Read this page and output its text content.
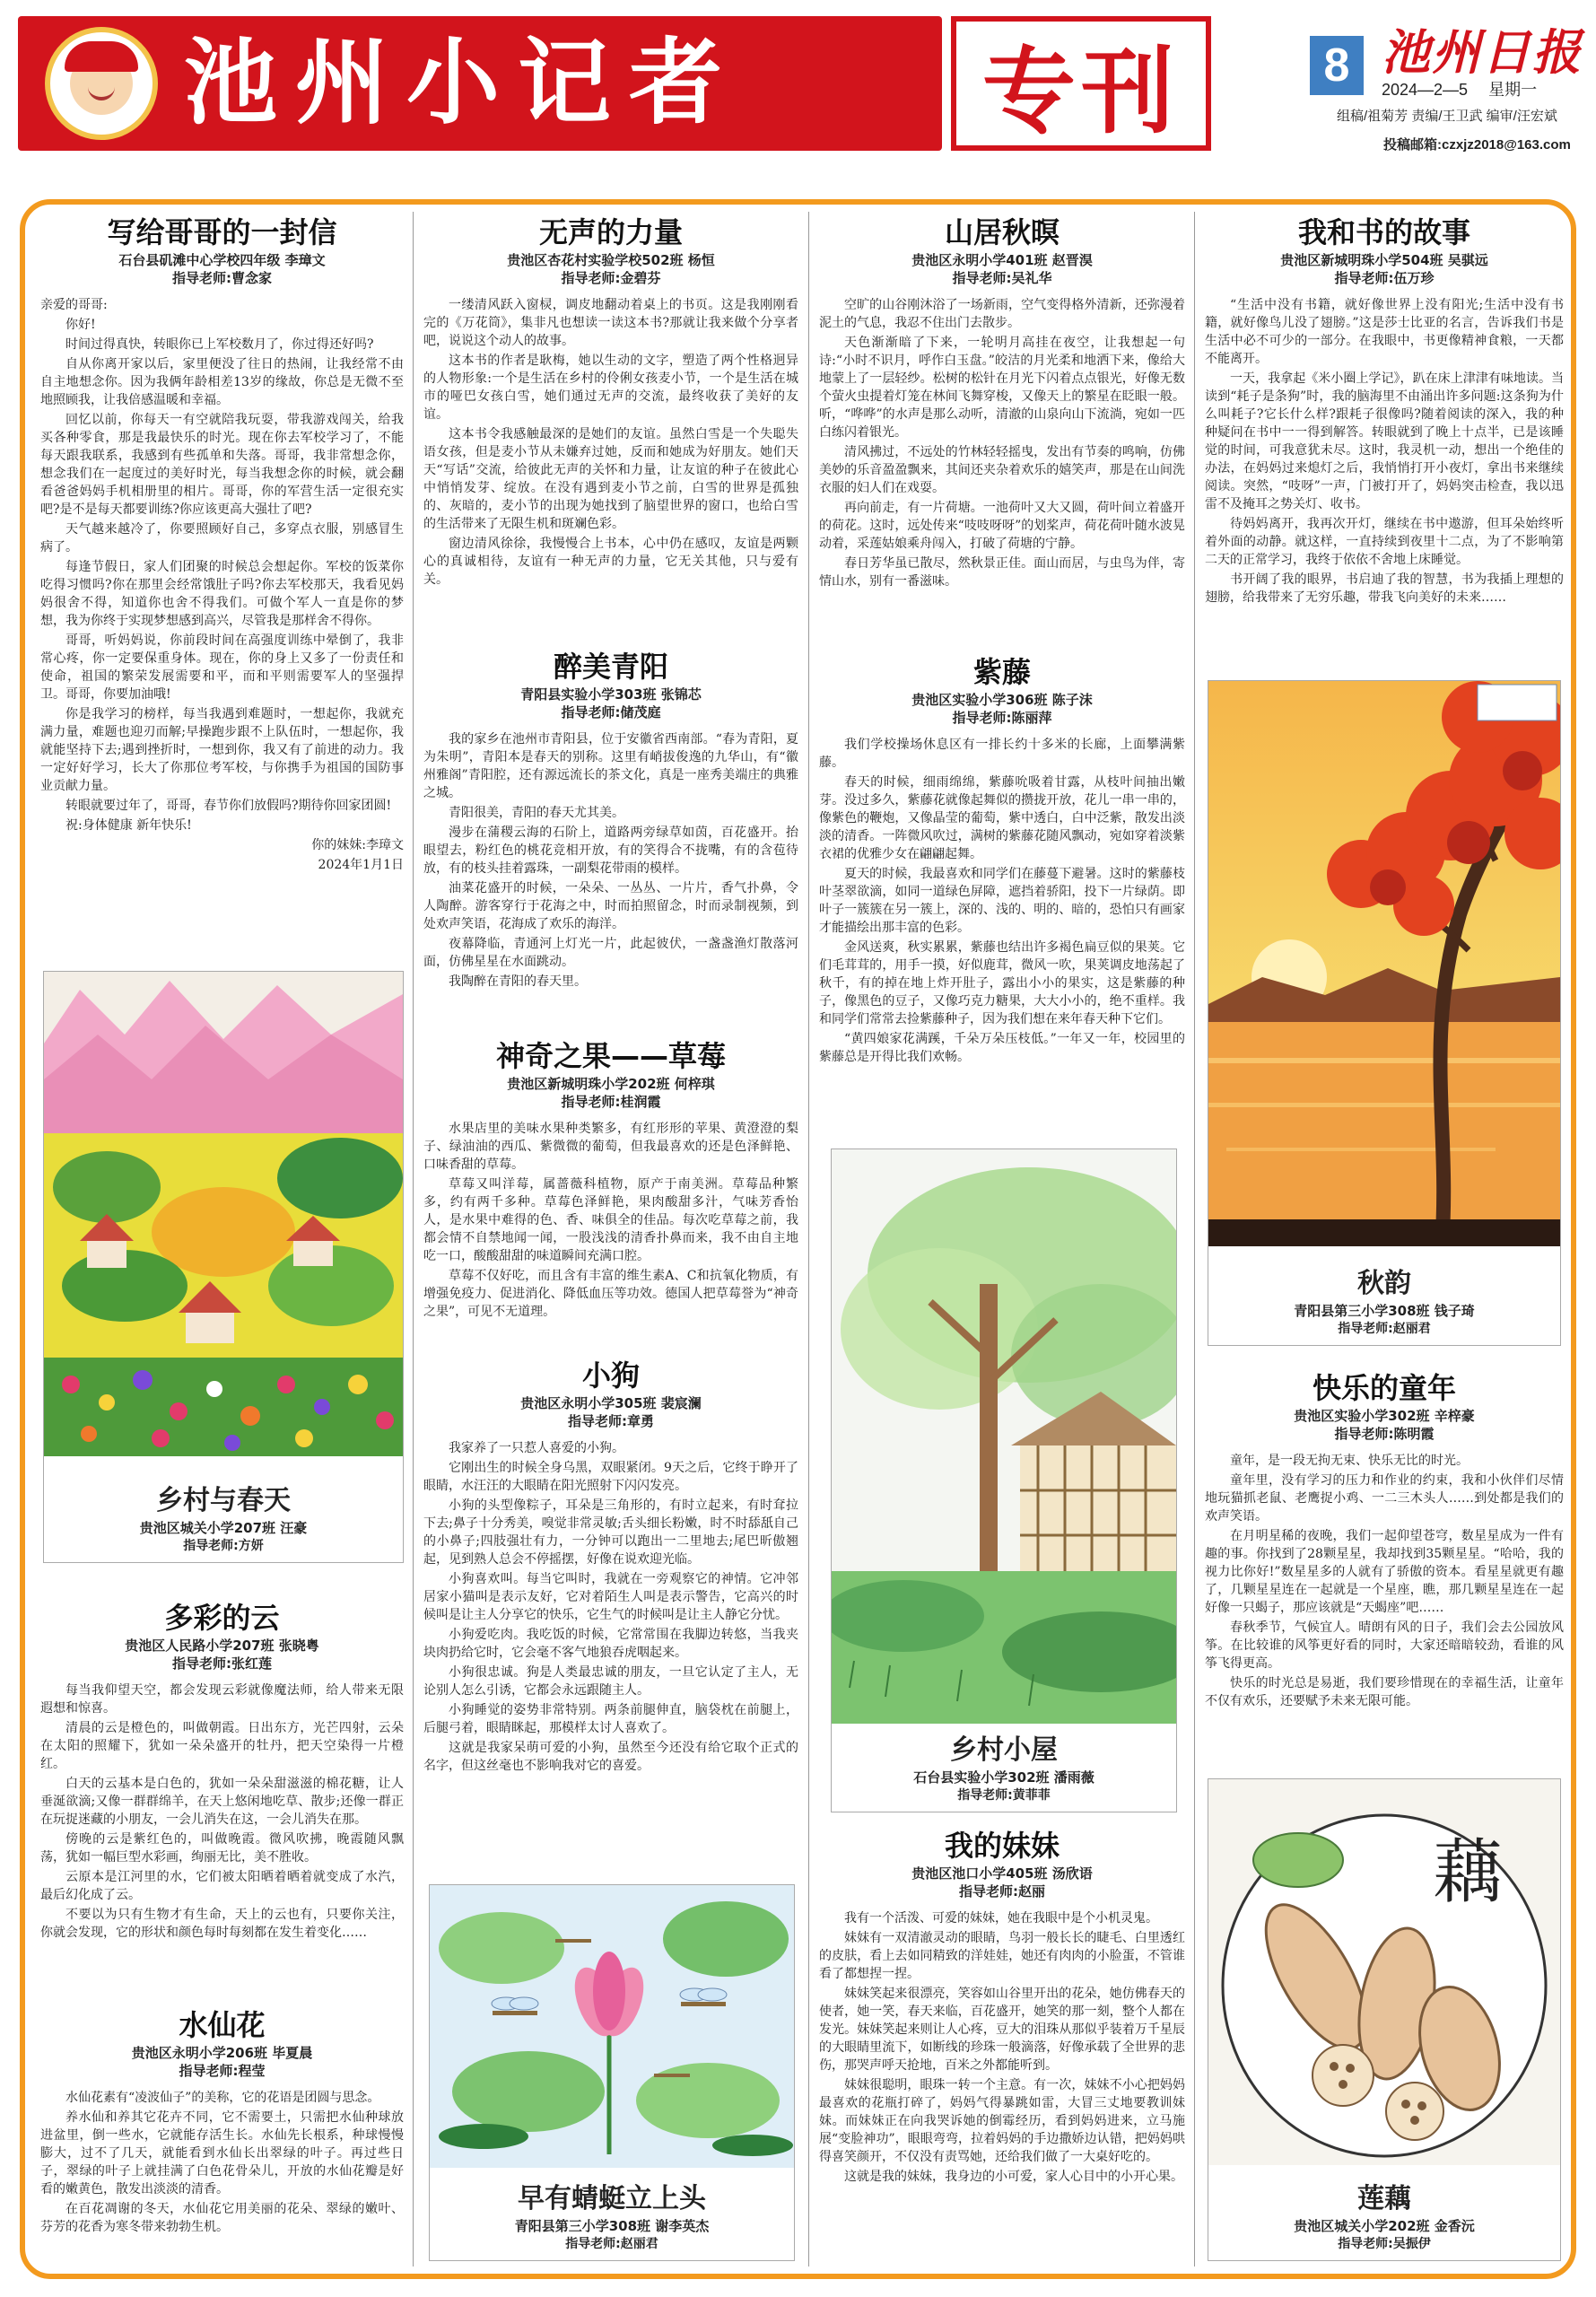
池州小记者	专刊	8 池州日报
2024—2—5 星期一
组稿/祖菊芳 责编/王卫武 编审/汪宏斌
投稿邮箱:czxjz2018@163.com
写给哥哥的一封信
石台县矶滩中心学校四年级 李璋文
指导老师:曹念家

亲爱的哥哥:

你好!

时间过得真快，转眼你已上军校数月了，你过得还好吗?

自从你离开家以后，家里便没了往日的热闹，让我经常不由自主地想念你。因为我俩年龄相差13岁的缘故，你总是无微不至地照顾我，让我倍感温暖和幸福。

回忆以前，你每天一有空就陪我玩耍，带我游戏闯关，给我买各种零食，那是我最快乐的时光。现在你去军校学习了，不能每天跟我联系，我感到有些孤单和失落。哥哥，我非常想念你，想念我们在一起度过的美好时光，每当我想念你的时候，就会翻看爸爸妈妈手机相册里的相片。哥哥，你的军营生活一定很充实吧?是不是每天都要训练?你应该更高大强壮了吧?

天气越来越冷了，你要照顾好自己，多穿点衣服，别感冒生病了。

每逢节假日，家人们团聚的时候总会想起你。军校的饭菜你吃得习惯吗?你在那里会经常饿肚子吗?你去军校那天，我看见妈妈很舍不得，知道你也舍不得我们。可做个军人一直是你的梦想，我为你终于实现梦想感到高兴，尽管我是那样舍不得你。

哥哥，听妈妈说，你前段时间在高强度训练中晕倒了，我非常心疼，你一定要保重身体。现在，你的身上又多了一份责任和使命，祖国的繁荣发展需要和平，而和平则需要军人的坚强捍卫。哥哥，你要加油哦!

你是我学习的榜样，每当我遇到难题时，一想起你，我就充满力量，难题也迎刃而解;早操跑步跟不上队伍时，一想起你，我就能坚持下去;遇到挫折时，一想到你，我又有了前进的动力。我一定好好学习，长大了你那位考军校，与你携手为祖国的国防事业贡献力量。

转眼就要过年了，哥哥，春节你们放假吗?期待你回家团圆!

祝:身体健康 新年快乐!

你的妹妹:李璋文

2024年1月1日

乡村与春天
贵池区城关小学207班 汪豪
指导老师:方妍
多彩的云
贵池区人民路小学207班 张晓粤
指导老师:张红莲

每当我仰望天空，都会发现云彩就像魔法师，给人带来无限遐想和惊喜。

清晨的云是橙色的，叫做朝霞。日出东方，光芒四射，云朵在太阳的照耀下，犹如一朵朵盛开的牡丹，把天空染得一片橙红。

白天的云基本是白色的，犹如一朵朵甜滋滋的棉花糖，让人垂涎欲滴;又像一群群绵羊，在天上悠闲地吃草、散步;还像一群正在玩捉迷藏的小朋友，一会儿消失在这，一会儿消失在那。

傍晚的云是紫红色的，叫做晚霞。微风吹拂，晚霞随风飘荡，犹如一幅巨型水彩画，绚丽无比，美不胜收。

云原本是江河里的水，它们被太阳晒着晒着就变成了水汽，最后幻化成了云。

不要以为只有生物才有生命，天上的云也有，只要你关注，你就会发现，它的形状和颜色每时每刻都在发生着变化……

水仙花
贵池区永明小学206班 毕夏晨
指导老师:程莹

水仙花素有“凌波仙子”的美称，它的花语是团圆与思念。

养水仙和养其它花卉不同，它不需要土，只需把水仙种球放进盆里，倒一些水，它就能存活生长。水仙先长根系，种球慢慢膨大，过不了几天，就能看到水仙长出翠绿的叶子。再过些日子，翠绿的叶子上就挂满了白色花骨朵儿，开放的水仙花瓣是好看的嫩黄色，散发出淡淡的清香。

在百花凋谢的冬天，水仙花它用美丽的花朵、翠绿的嫩叶、芬芳的花香为寒冬带来勃勃生机。

无声的力量
贵池区杏花村实验学校502班 杨恒
指导老师:金碧芬

一缕清风跃入窗棂，调皮地翻动着桌上的书页。这是我刚刚看完的《万花筒》，集非凡也想读一读这本书?那就让我来做个分享者吧，说说这个动人的故事。

这本书的作者是耿梅，她以生动的文字，塑造了两个性格迥异的人物形象:一个是生活在乡村的伶俐女孩麦小节，一个是生活在城市的哑巴女孩白雪，她们通过无声的交流，最终收获了美好的友谊。

这本书令我感触最深的是她们的友谊。虽然白雪是一个失聪失语女孩，但是麦小节从未嫌弃过她，反而和她成为好朋友。她们天天“写话”交流，给彼此无声的关怀和力量，让友谊的种子在彼此心中悄悄发芽、绽放。在没有遇到麦小节之前，白雪的世界是孤独的、灰暗的，麦小节的出现为她找到了脑望世界的窗口，也给白雪的生活带来了无限生机和斑斓色彩。

窗边清风徐徐，我慢慢合上书本，心中仍在感叹，友谊是两颗心的真诚相待，友谊有一种无声的力量，它无关其他，只与爱有关。

醉美青阳
青阳县实验小学303班 张锦芯
指导老师:储茂庭

我的家乡在池州市青阳县，位于安徽省西南部。“春为青阳，夏为朱明”，青阳本是春天的别称。这里有峭拔俊逸的九华山，有“徽州雅阁”青阳腔，还有源远流长的茶文化，真是一座秀美端庄的典雅之城。

青阳很美，青阳的春天尤其美。

漫步在蒲稷云海的石阶上，道路两旁绿草如茵，百花盛开。抬眼望去，粉红色的桃花竞相开放，有的笑得合不拢嘴，有的含苞待放，有的枝头挂着露珠，一副梨花带雨的模样。

油菜花盛开的时候，一朵朵、一丛丛、一片片，香气扑鼻，令人陶醉。游客穿行于花海之中，时而拍照留念，时而录制视频，到处欢声笑语，花海成了欢乐的海洋。

夜幕降临，青通河上灯光一片，此起彼伏，一盏盏渔灯散落河面，仿佛星星在水面跳动。

我陶醉在青阳的春天里。

神奇之果——草莓
贵池区新城明珠小学202班 何梓琪
指导老师:桂润霞

水果店里的美味水果种类繁多，有红形形的苹果、黄澄澄的梨子、绿油油的西瓜、紫微微的葡萄，但我最喜欢的还是色泽鲜艳、口味香甜的草莓。

草莓又叫洋莓，属蔷薇科植物，原产于南美洲。草莓品种繁多，约有两千多种。草莓色泽鲜艳，果肉酸甜多汁，气味芳香怡人，是水果中难得的色、香、味俱全的佳品。每次吃草莓之前，我都会情不自禁地闻一闻，一股浅浅的清香扑鼻而来，我不由自主地吃一口，酸酸甜甜的味道瞬间充满口腔。

草莓不仅好吃，而且含有丰富的维生素A、C和抗氧化物质，有增强免疫力、促进消化、降低血压等功效。德国人把草莓誉为“神奇之果”，可见不无道理。

小狗
贵池区永明小学305班 裴宸澜
指导老师:章勇

我家养了一只惹人喜爱的小狗。

它刚出生的时候全身乌黑，双眼紧闭。9天之后，它终于睁开了眼睛，水汪汪的大眼睛在阳光照射下闪闪发亮。

小狗的头型像粽子，耳朵是三角形的，有时立起来，有时耷拉下去;鼻子十分秀美，嗅觉非常灵敏;舌头细长粉嫩，时不时舔舐自己的小鼻子;四肢强壮有力，一分钟可以跑出一二里地去;尾巴昕傲翘起，见到熟人总会不停摇摆，好像在说欢迎光临。

小狗喜欢叫。每当它叫时，我就在一旁观察它的神情。它冲邻居家小猫叫是表示友好，它对着陌生人叫是表示警告，它高兴的时候叫是让主人分享它的快乐，它生气的时候叫是让主人静它分忧。

小狗爱吃肉。我吃饭的时候，它常常围在我脚边转悠，当我夹块肉扔给它时，它会毫不客气地狼吞虎咽起来。

小狗很忠诚。狗是人类最忠诚的朋友，一旦它认定了主人，无论别人怎么引诱，它都会永远跟随主人。

小狗睡觉的姿势非常特别。两条前腿伸直，脑袋枕在前腿上，后腿弓着，眼睛眯起，那模样太讨人喜欢了。

这就是我家呆萌可爱的小狗，虽然至今还没有给它取个正式的名字，但这丝毫也不影响我对它的喜爱。

早有蜻蜓立上头
青阳县第三小学308班 谢李英杰
指导老师:赵丽君
山居秋暝
贵池区永明小学401班 赵晋淏
指导老师:吴礼华

空旷的山谷刚沐浴了一场新雨，空气变得格外清新，还弥漫着泥土的气息，我忍不住出门去散步。

天色渐渐暗了下来，一轮明月高挂在夜空，让我想起一句诗:“小时不识月，呼作白玉盘。”皎洁的月光柔和地洒下来，像给大地蒙上了一层轻纱。松树的松针在月光下闪着点点银光，好像无数个萤火虫提着灯笼在林间飞舞穿梭，又像天上的繁星在眨眼一般。听，“哗哗”的水声是那么动听，清澈的山泉向山下流淌，宛如一匹白练闪着银光。

清风拂过，不远处的竹林轻轻摇曳，发出有节奏的鸣响，仿佛美妙的乐音盈盈飘来，其间还夹杂着欢乐的嬉笑声，那是在山间洗衣服的妇人们在戏耍。

再向前走，有一片荷塘。一池荷叶又大又圆，荷叶间立着盛开的荷花。这时，远处传来“吱吱呀呀”的划桨声，荷花荷叶随水波晃动着，采莲姑娘乘舟闯入，打破了荷塘的宁静。

春日芳华虽已散尽，然秋景正佳。面山而居，与虫鸟为伴，寄情山水，别有一番滋味。

紫藤
贵池区实验小学306班 陈子沫
指导老师:陈丽萍

我们学校操场休息区有一排长约十多米的长廊，上面攀满紫藤。

春天的时候，细雨绵绵，紫藤吮吸着甘露，从枝叶间抽出嫩芽。没过多久，紫藤花就像起舞似的攒拢开放，花儿一串一串的，像紫色的鞭炮，又像晶莹的葡萄，紫中透白，白中泛紫，散发出淡淡的清香。一阵微风吹过，满树的紫藤花随风飘动，宛如穿着淡紫衣裙的优雅少女在翩翩起舞。

夏天的时候，我最喜欢和同学们在藤蔓下避暑。这时的紫藤枝叶茎翠欲滴，如同一道绿色屏障，遮挡着骄阳，投下一片绿荫。即叶子一簇簇在另一簇上，深的、浅的、明的、暗的，恐怕只有画家才能描绘出那丰富的色彩。

金风送爽，秋实累累，紫藤也结出许多褐色扁豆似的果荚。它们毛茸茸的，用手一摸，好似鹿茸，微风一吹，果荚调皮地荡起了秋千，有的掉在地上炸开肚子，露出小小的果实，这是紫藤的种子，像黑色的豆子，又像巧克力糖果，大大小小的，绝不重样。我和同学们常常去捡紫藤种子，因为我们想在来年春天种下它们。

“黄四娘家花满蹊，千朵万朵压枝低。”一年又一年，校园里的紫藤总是开得比我们欢畅。

乡村小屋
石台县实验小学302班 潘雨薇
指导老师:黄菲菲
我的妹妹
贵池区池口小学405班 汤欣语
指导老师:赵丽

我有一个活泼、可爱的妹妹，她在我眼中是个小机灵鬼。

妹妹有一双清澈灵动的眼睛，鸟羽一般长长的睫毛、白里透红的皮肤，看上去如同精致的洋娃娃，她还有肉肉的小脸蛋，不管谁看了都想捏一捏。

妹妹笑起来很漂亮，笑容如山谷里开出的花朵，她仿佛春天的使者，她一笑，春天来临，百花盛开，她笑的那一刻，整个人都在发光。妹妹笑起来则让人心疼，豆大的泪珠从那似乎装着万千星辰的大眼睛里流下，如断线的珍珠一般滴落，好像承载了全世界的悲伤，那哭声呼天抢地，百米之外都能听到。

妹妹很聪明，眼珠一转一个主意。有一次，妹妹不小心把妈妈最喜欢的花瓶打碎了，妈妈气得暴跳如雷，大冒三丈地要教训妹妹。而妹妹正在向我哭诉她的倒霉经历，看到妈妈进来，立马施展“变脸神功”，眼眼弯弯，拉着妈妈的手边撒娇边认错，把妈妈哄得喜笑颜开，不仅没有责骂她，还给我们做了一大桌好吃的。

这就是我的妹妹，我身边的小可爱，家人心目中的小开心果。

我和书的故事
贵池区新城明珠小学504班 吴骐远
指导老师:伍万珍

“生活中没有书籍，就好像世界上没有阳光;生活中没有书籍，就好像鸟儿没了翅膀。”这是莎士比亚的名言，告诉我们书是生活中必不可少的一部分。在我眼中，书更像精神食粮，一天都不能离开。

一天，我拿起《米小圈上学记》，趴在床上津津有味地读。当读到“耗子是条狗”时，我的脑海里不由涌出许多问题:这条狗为什么叫耗子?它长什么样?跟耗子很像吗?随着阅读的深入，我的种种疑问在书中一一得到解答。转眼就到了晚上十点半，已是该睡觉的时间，可我意犹未尽。这时，我灵机一动，想出一个绝佳的办法，在妈妈过来熄灯之后，我悄悄打开小夜灯，拿出书来继续阅读。突然，“吱呀”一声，门被打开了，妈妈突击检查，我以迅雷不及掩耳之势关灯、收书。

待妈妈离开，我再次开灯，继续在书中遨游，但耳朵始终听着外面的动静。就这样，一直持续到夜里十二点，为了不影响第二天的正常学习，我终于依依不舍地上床睡觉。

书开阔了我的眼界，书启迪了我的智慧，书为我插上理想的翅膀，给我带来了无穷乐趣，带我飞向美好的未来……

秋韵
青阳县第三小学308班 钱子琦
指导老师:赵丽君
快乐的童年
贵池区实验小学302班 辛梓豪
指导老师:陈明霞

童年，是一段无拘无束、快乐无比的时光。

童年里，没有学习的压力和作业的约束，我和小伙伴们尽情地玩猫抓老鼠、老鹰捉小鸡、一二三木头人……到处都是我们的欢声笑语。

在月明星稀的夜晚，我们一起仰望苍穹，数星星成为一件有趣的事。你找到了28颗星星，我却找到35颗星星。“哈哈，我的视力比你好!”数星星多的人就有了骄傲的资本。看星星就更有趣了，几颗星星连在一起就是一个星座，瞧，那几颗星星连在一起好像一只蝎子，那应该就是“天蝎座”吧……

春秋季节，气候宜人。晴朗有风的日子，我们会去公园放风筝。在比较谁的风筝更好看的同时，大家还暗暗较劲，看谁的风筝飞得更高。

快乐的时光总是易逝，我们要珍惜现在的幸福生活，让童年不仅有欢乐，还要赋予未来无限可能。

藕
莲藕
贵池区城关小学202班 金香沅
指导老师:吴振伊
